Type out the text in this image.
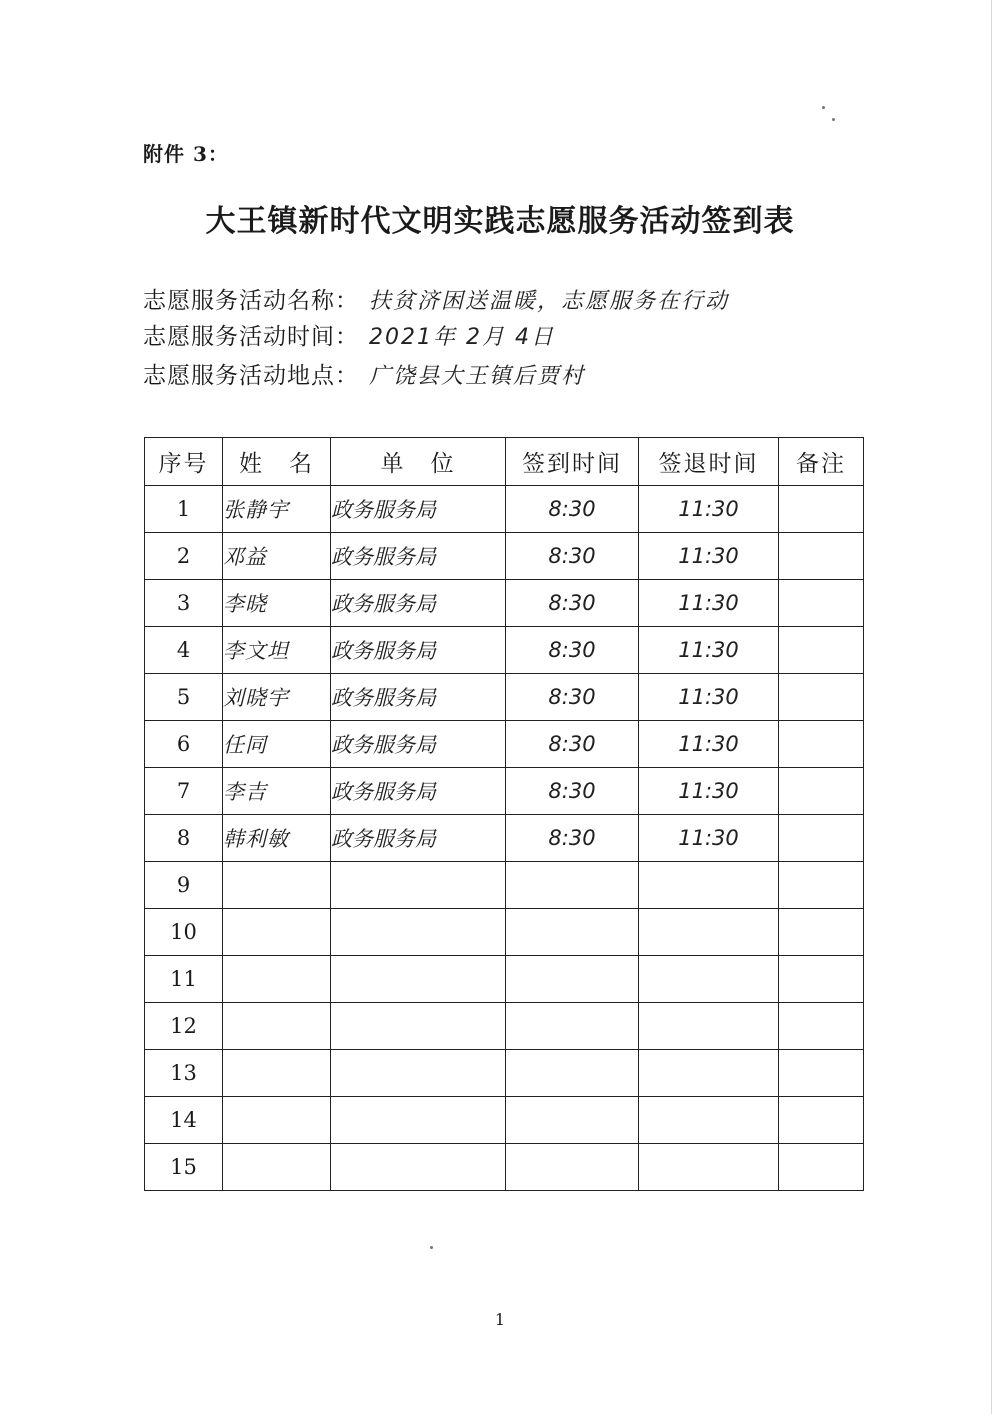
附件 3：
大王镇新时代文明实践志愿服务活动签到表
志愿服务活动名称： 扶贫济困送温暖，志愿服务在行动
志愿服务活动时间： 2021年 2月 4日
志愿服务活动地点： 广饶县大王镇后贾村
序号	姓　名	单　位	签到时间	签退时间	备注
1	张静宇	政务服务局	8:30	11:30	
2	邓益	政务服务局	8:30	11:30	
3	李晓	政务服务局	8:30	11:30	
4	李文坦	政务服务局	8:30	11:30	
5	刘晓宇	政务服务局	8:30	11:30	
6	任同	政务服务局	8:30	11:30	
7	李吉	政务服务局	8:30	11:30	
8	韩利敏	政务服务局	8:30	11:30	
9					
10					
11					
12					
13					
14					
15					
1
